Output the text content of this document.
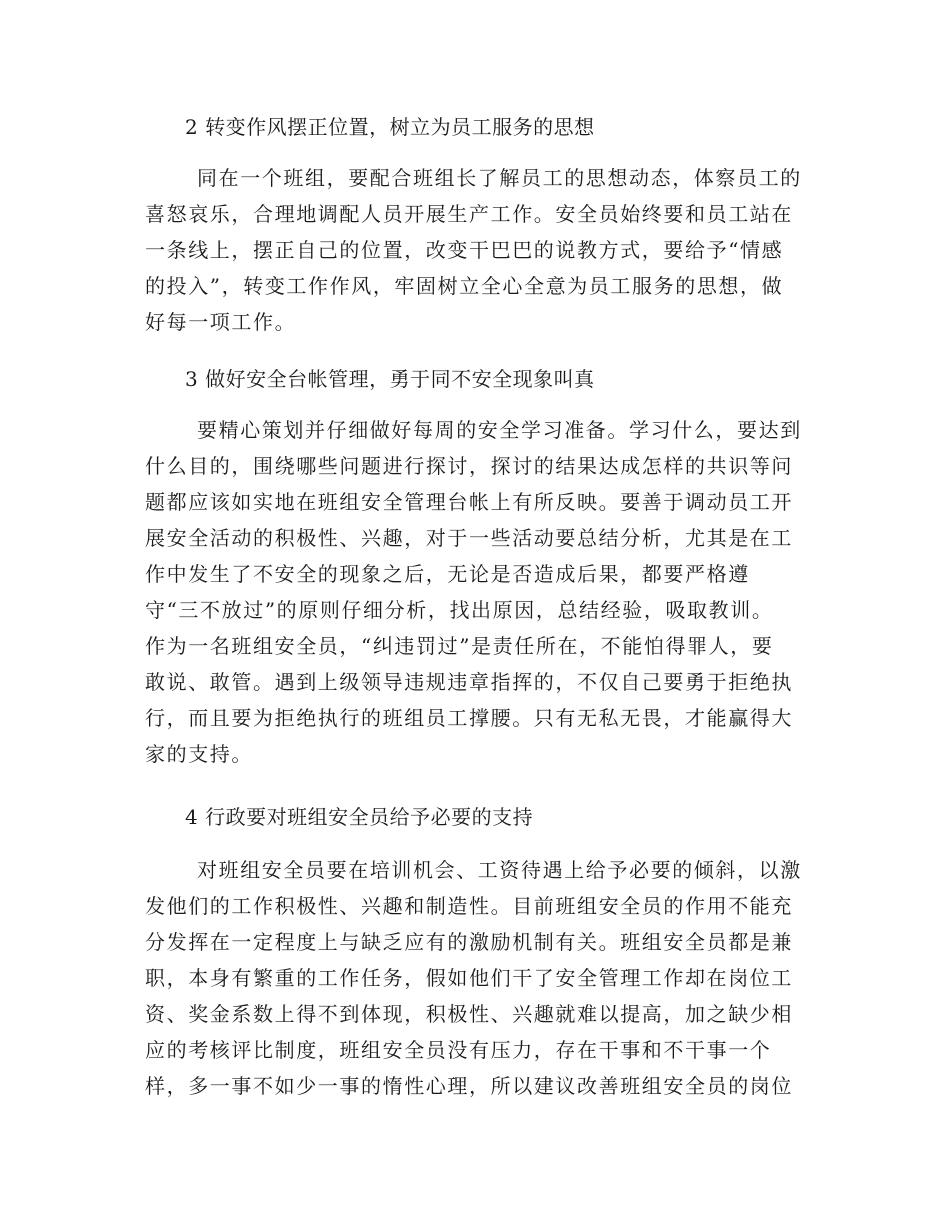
2 转变作风摆正位置，树立为员工服务的思想
同在一个班组，要配合班组长了解员工的思想动态，体察员工的
喜怒哀乐，合理地调配人员开展生产工作。安全员始终要和员工站在
一条线上，摆正自己的位置，改变干巴巴的说教方式，要给予“情感
的投入”，转变工作作风，牢固树立全心全意为员工服务的思想，做
好每一项工作。
3 做好安全台帐管理，勇于同不安全现象叫真
要精心策划并仔细做好每周的安全学习准备。学习什么，要达到
什么目的，围绕哪些问题进行探讨，探讨的结果达成怎样的共识等问
题都应该如实地在班组安全管理台帐上有所反映。要善于调动员工开
展安全活动的积极性、兴趣，对于一些活动要总结分析，尤其是在工
作中发生了不安全的现象之后，无论是否造成后果，都要严格遵
守“三不放过”的原则仔细分析，找出原因，总结经验，吸取教训。
作为一名班组安全员，“纠违罚过”是责任所在，不能怕得罪人，要
敢说、敢管。遇到上级领导违规违章指挥的，不仅自己要勇于拒绝执
行，而且要为拒绝执行的班组员工撑腰。只有无私无畏，才能赢得大
家的支持。
4 行政要对班组安全员给予必要的支持
对班组安全员要在培训机会、工资待遇上给予必要的倾斜，以激
发他们的工作积极性、兴趣和制造性。目前班组安全员的作用不能充
分发挥在一定程度上与缺乏应有的激励机制有关。班组安全员都是兼
职，本身有繁重的工作任务，假如他们干了安全管理工作却在岗位工
资、奖金系数上得不到体现，积极性、兴趣就难以提高，加之缺少相
应的考核评比制度，班组安全员没有压力，存在干事和不干事一个
样，多一事不如少一事的惰性心理，所以建议改善班组安全员的岗位
